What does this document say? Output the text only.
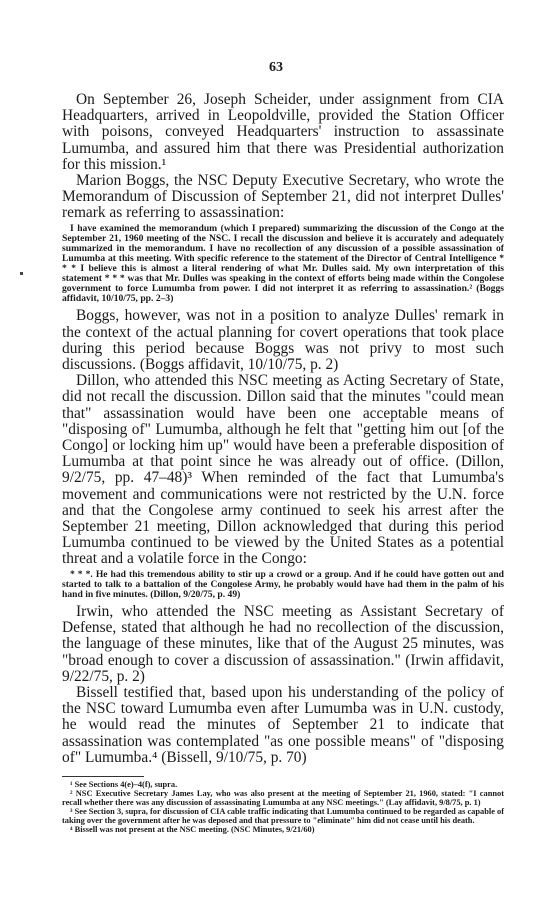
63

On September 26, Joseph Scheider, under assignment from CIA Headquarters, arrived in Leopoldville, provided the Station Officer with poisons, conveyed Headquarters' instruction to assassinate Lumumba, and assured him that there was Presidential authorization for this mission.¹

Marion Boggs, the NSC Deputy Executive Secretary, who wrote the Memorandum of Discussion of September 21, did not interpret Dulles' remark as referring to assassination:

I have examined the memorandum (which I prepared) summarizing the discussion of the Congo at the September 21, 1960 meeting of the NSC. I recall the discussion and believe it is accurately and adequately summarized in the memorandum. I have no recollection of any discussion of a possible assassination of Lumumba at this meeting. With specific reference to the statement of the Director of Central Intelligence * * * I believe this is almost a literal rendering of what Mr. Dulles said. My own interpretation of this statement * * * was that Mr. Dulles was speaking in the context of efforts being made within the Congolese government to force Lumumba from power. I did not interpret it as referring to assassination.² (Boggs affidavit, 10/10/75, pp. 2–3)

Boggs, however, was not in a position to analyze Dulles' remark in the context of the actual planning for covert operations that took place during this period because Boggs was not privy to most such discussions. (Boggs affidavit, 10/10/75, p. 2)

Dillon, who attended this NSC meeting as Acting Secretary of State, did not recall the discussion. Dillon said that the minutes "could mean that" assassination would have been one acceptable means of "disposing of" Lumumba, although he felt that "getting him out [of the Congo] or locking him up" would have been a preferable disposition of Lumumba at that point since he was already out of office. (Dillon, 9/2/75, pp. 47–48)³ When reminded of the fact that Lumumba's movement and communications were not restricted by the U.N. force and that the Congolese army continued to seek his arrest after the September 21 meeting, Dillon acknowledged that during this period Lumumba continued to be viewed by the United States as a potential threat and a volatile force in the Congo:

* * *. He had this tremendous ability to stir up a crowd or a group. And if he could have gotten out and started to talk to a battalion of the Congolese Army, he probably would have had them in the palm of his hand in five minutes. (Dillon, 9/20/75, p. 49)

Irwin, who attended the NSC meeting as Assistant Secretary of Defense, stated that although he had no recollection of the discussion, the language of these minutes, like that of the August 25 minutes, was "broad enough to cover a discussion of assassination." (Irwin affidavit, 9/22/75, p. 2)

Bissell testified that, based upon his understanding of the policy of the NSC toward Lumumba even after Lumumba was in U.N. custody, he would read the minutes of September 21 to indicate that assassination was contemplated "as one possible means" of "disposing of" Lumumba.⁴ (Bissell, 9/10/75, p. 70)

¹ See Sections 4(e)–4(f), supra.
² NSC Executive Secretary James Lay, who was also present at the meeting of September 21, 1960, stated: "I cannot recall whether there was any discussion of assassinating Lumumba at any NSC meetings." (Lay affidavit, 9/8/75, p. 1)
³ See Section 3, supra, for discussion of CIA cable traffic indicating that Lumumba continued to be regarded as capable of taking over the government after he was deposed and that pressure to "eliminate" him did not cease until his death.
⁴ Bissell was not present at the NSC meeting. (NSC Minutes, 9/21/60)
